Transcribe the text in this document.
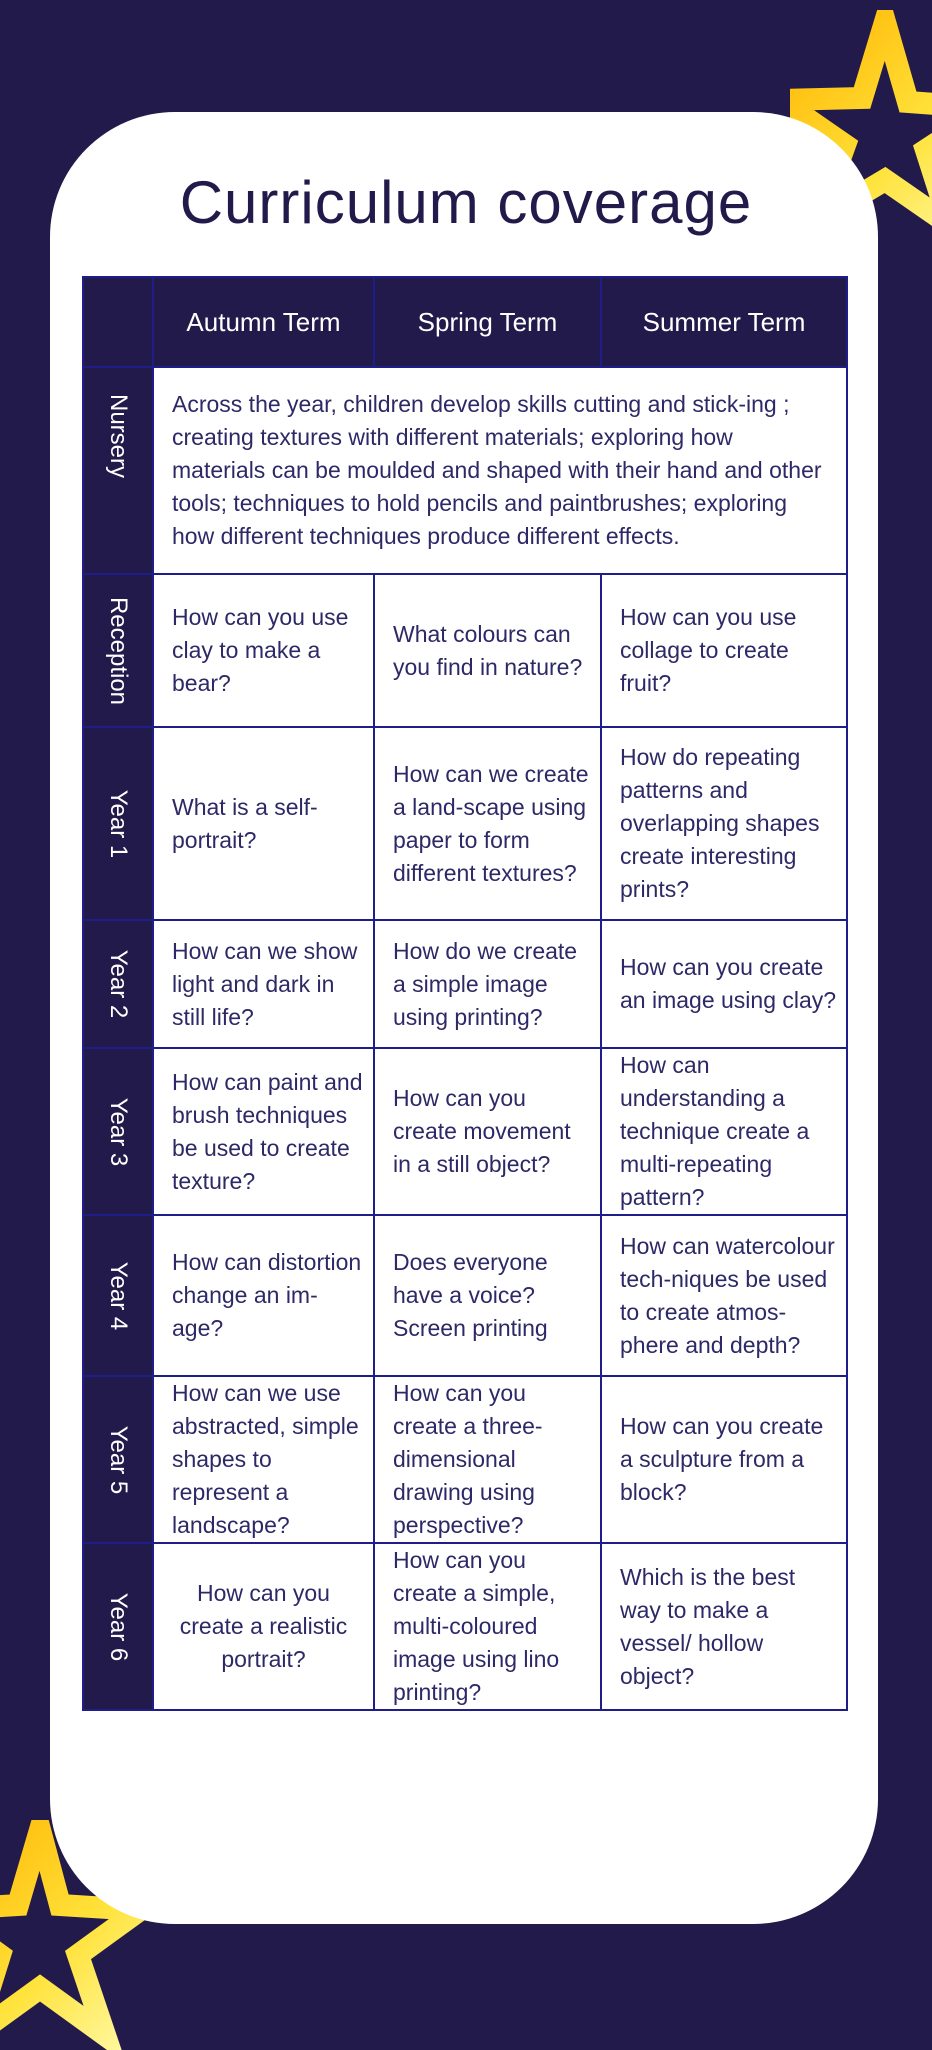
Curriculum coverage
	Autumn Term	Spring Term	Summer Term

Nursery	Across the year, children develop skills cutting and stick-ing ; creating textures with different materials; exploring how materials can be moulded and shaped with their hand and other tools; techniques to hold pencils and paintbrushes; exploring how different techniques produce different effects.		

Reception	How can you use clay to make a bear?	What colours can you find in nature?	How can you use collage to create fruit?

Year 1	What is a self-portrait?	How can we create a land-scape using paper to form different textures?	How do repeating patterns and overlapping shapes create interesting prints?

Year 2	How can we show light and dark in still life?	How do we create a simple image using printing?	How can you create an image using clay?

Year 3	How can paint and brush techniques be used to create texture?	How can you create movement in a still object?	How can understanding a technique create a multi-repeating pattern?

Year 4	How can distortion change an im-age?	Does everyone have a voice? Screen printing	How can watercolour tech-niques be used to create atmos-phere and depth?

Year 5	How can we use abstracted, simple shapes to represent a landscape?	How can you create a three-dimensional drawing using perspective?	How can you create a sculpture from a block?

Year 6	How can you create a realistic portrait?	How can you create a simple, multi-coloured image using lino printing?	Which is the best way to make a vessel/ hollow object?
